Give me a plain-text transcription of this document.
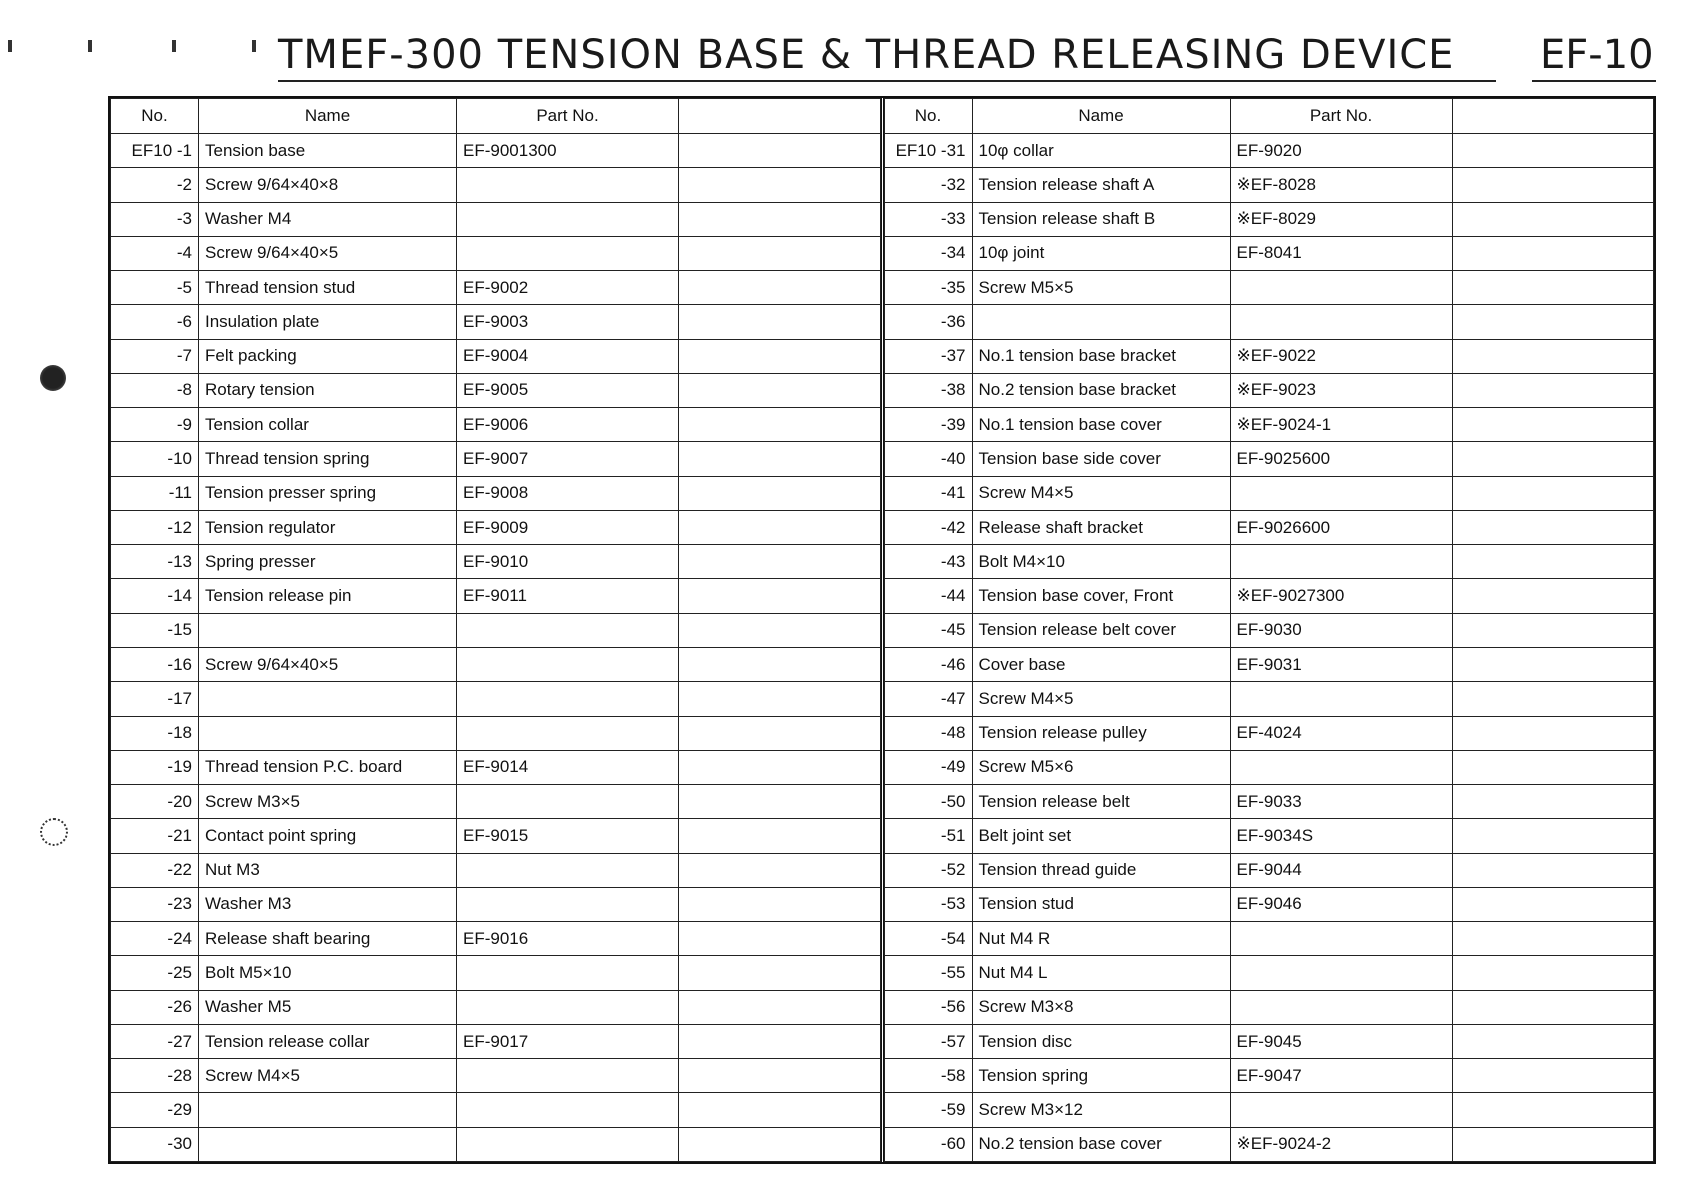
TMEF-300 TENSION BASE & THREAD RELEASING DEVICE	EF-10
No.	Name	Part No.	
EF10 -1	Tension base	EF-9001300	
-2	Screw 9/64×40×8		
-3	Washer M4		
-4	Screw 9/64×40×5		
-5	Thread tension stud	EF-9002	
-6	Insulation plate	EF-9003	
-7	Felt packing	EF-9004	
-8	Rotary tension	EF-9005	
-9	Tension collar	EF-9006	
-10	Thread tension spring	EF-9007	
-11	Tension presser spring	EF-9008	
-12	Tension regulator	EF-9009	
-13	Spring presser	EF-9010	
-14	Tension release pin	EF-9011	
-15			
-16	Screw 9/64×40×5		
-17			
-18			
-19	Thread tension P.C. board	EF-9014	
-20	Screw M3×5		
-21	Contact point spring	EF-9015	
-22	Nut M3		
-23	Washer M3		
-24	Release shaft bearing	EF-9016	
-25	Bolt M5×10		
-26	Washer M5		
-27	Tension release collar	EF-9017	
-28	Screw M4×5		
-29			
-30			
No.	Name	Part No.	
EF10 -31	10φ collar	EF-9020	
-32	Tension release shaft A	※EF-8028	
-33	Tension release shaft B	※EF-8029	
-34	10φ joint	EF-8041	
-35	Screw M5×5		
-36			
-37	No.1 tension base bracket	※EF-9022	
-38	No.2 tension base bracket	※EF-9023	
-39	No.1 tension base cover	※EF-9024-1	
-40	Tension base side cover	EF-9025600	
-41	Screw M4×5		
-42	Release shaft bracket	EF-9026600	
-43	Bolt M4×10		
-44	Tension base cover, Front	※EF-9027300	
-45	Tension release belt cover	EF-9030	
-46	Cover base	EF-9031	
-47	Screw M4×5		
-48	Tension release pulley	EF-4024	
-49	Screw M5×6		
-50	Tension release belt	EF-9033	
-51	Belt joint set	EF-9034S	
-52	Tension thread guide	EF-9044	
-53	Tension stud	EF-9046	
-54	Nut M4 R		
-55	Nut M4 L		
-56	Screw M3×8		
-57	Tension disc	EF-9045	
-58	Tension spring	EF-9047	
-59	Screw M3×12		
-60	No.2 tension base cover	※EF-9024-2	
